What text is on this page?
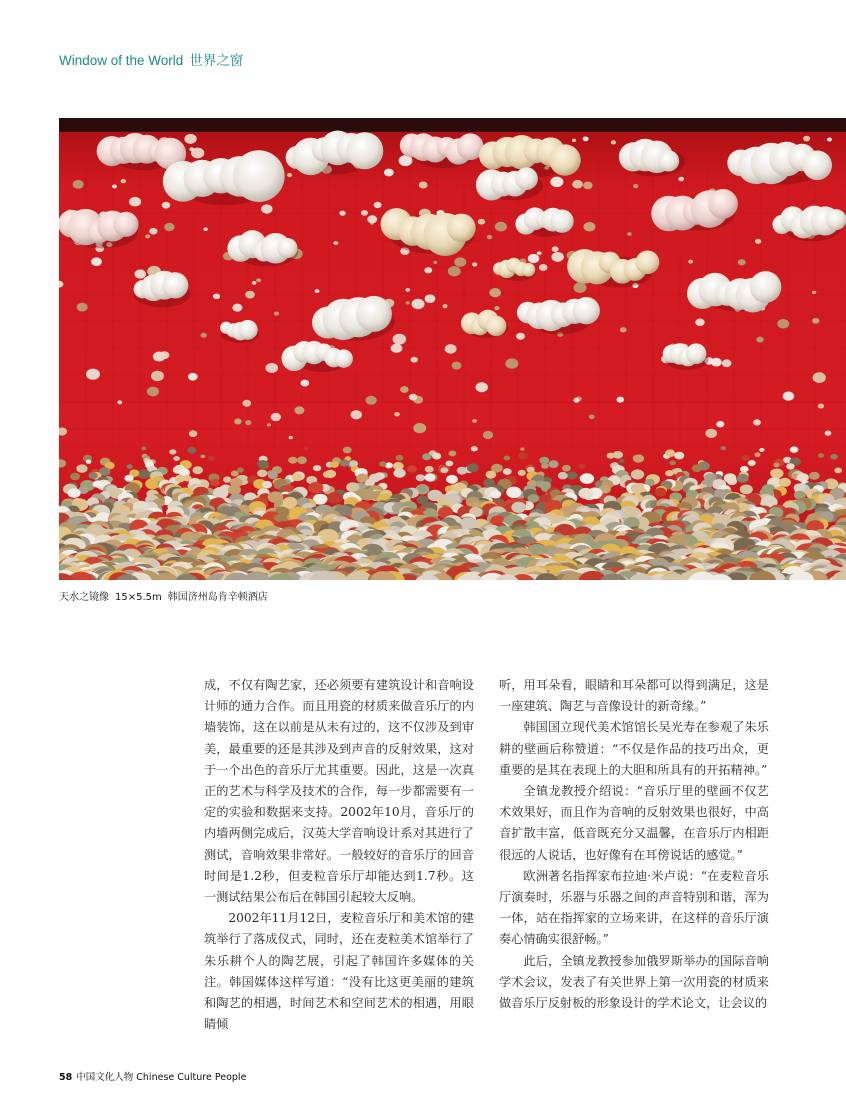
Window of the World 世界之窗
天水之镜像 15×5.5m 韩国济州岛肯辛顿酒店

成，不仅有陶艺家，还必须要有建筑设计和音响设计师的通力合作。而且用瓷的材质来做音乐厅的内墙装饰，这在以前是从未有过的，这不仅涉及到审美，最重要的还是其涉及到声音的反射效果，这对于一个出色的音乐厅尤其重要。因此，这是一次真正的艺术与科学及技术的合作，每一步都需要有一定的实验和数据来支持。2002年10月，音乐厅的内墙两侧完成后，汉英大学音响设计系对其进行了测试，音响效果非常好。一般较好的音乐厅的回音时间是1.2秒，但麦粒音乐厅却能达到1.7秒。这一测试结果公布后在韩国引起较大反响。

2002年11月12日，麦粒音乐厅和美术馆的建筑举行了落成仪式，同时，还在麦粒美术馆举行了朱乐耕个人的陶艺展，引起了韩国许多媒体的关注。韩国媒体这样写道：“没有比这更美丽的建筑和陶艺的相遇，时间艺术和空间艺术的相遇，用眼睛倾

听，用耳朵看，眼睛和耳朵都可以得到满足，这是一座建筑、陶艺与音像设计的新奇缘。”

韩国国立现代美术馆馆长吴光寿在参观了朱乐耕的壁画后称赞道：“不仅是作品的技巧出众，更重要的是其在表现上的大胆和所具有的开拓精神。”

全镇龙教授介绍说：“音乐厅里的壁画不仅艺术效果好，而且作为音响的反射效果也很好，中高音扩散丰富，低音既充分又温馨，在音乐厅内相距很远的人说话，也好像有在耳傍说话的感觉。”

欧洲著名指挥家布拉迪·米卢说：“在麦粒音乐厅演奏时，乐器与乐器之间的声音特别和谐，浑为一体，站在指挥家的立场来讲，在这样的音乐厅演奏心情确实很舒畅。”

此后，全镇龙教授参加俄罗斯举办的国际音响学术会议，发表了有关世界上第一次用瓷的材质来做音乐厅反射板的形象设计的学术论文，让会议的

58 中国文化人物 Chinese Culture People
